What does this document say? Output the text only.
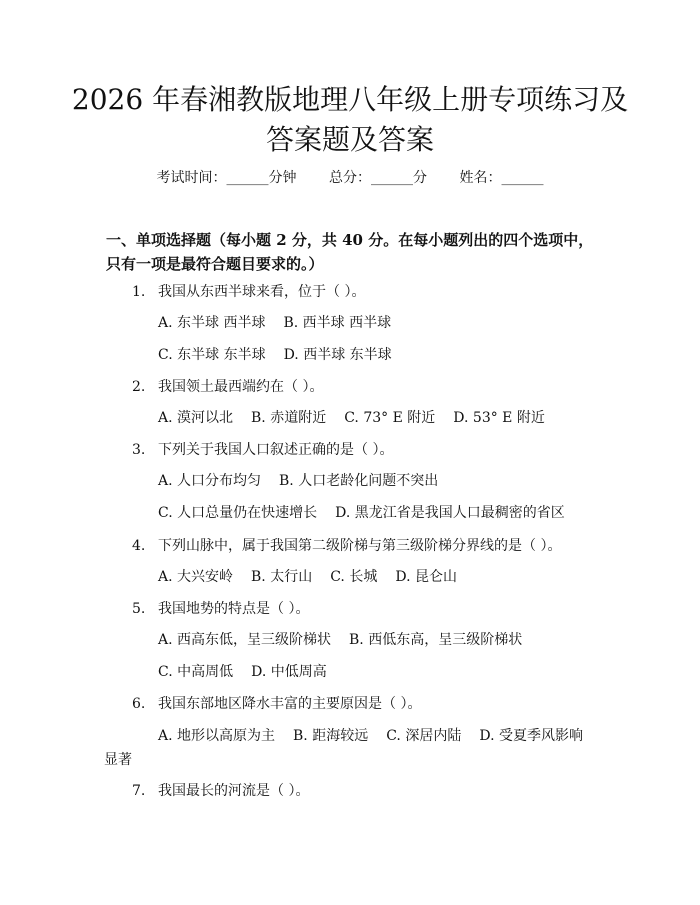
2026 年春湘教版地理八年级上册专项练习及
答案题及答案
考试时间：______分钟 总分：______分 姓名：______
一、单项选择题（每小题 2 分，共 40 分。在每小题列出的四个选项中，只有一项是最符合题目要求的。）
1. 我国从东西半球来看，位于（ ）。
A. 东半球 西半球 B. 西半球 西半球
C. 东半球 东半球 D. 西半球 东半球
2. 我国领土最西端约在（ ）。
A. 漠河以北 B. 赤道附近 C. 73° E 附近 D. 53° E 附近
3. 下列关于我国人口叙述正确的是（ ）。
A. 人口分布均匀 B. 人口老龄化问题不突出
C. 人口总量仍在快速增长 D. 黑龙江省是我国人口最稠密的省区
4. 下列山脉中，属于我国第二级阶梯与第三级阶梯分界线的是（ ）。
A. 大兴安岭 B. 太行山 C. 长城 D. 昆仑山
5. 我国地势的特点是（ ）。
A. 西高东低，呈三级阶梯状 B. 西低东高，呈三级阶梯状
C. 中高周低 D. 中低周高
6. 我国东部地区降水丰富的主要原因是（ ）。
A. 地形以高原为主 B. 距海较远 C. 深居内陆 D. 受夏季风影响
显著
7. 我国最长的河流是（ ）。
